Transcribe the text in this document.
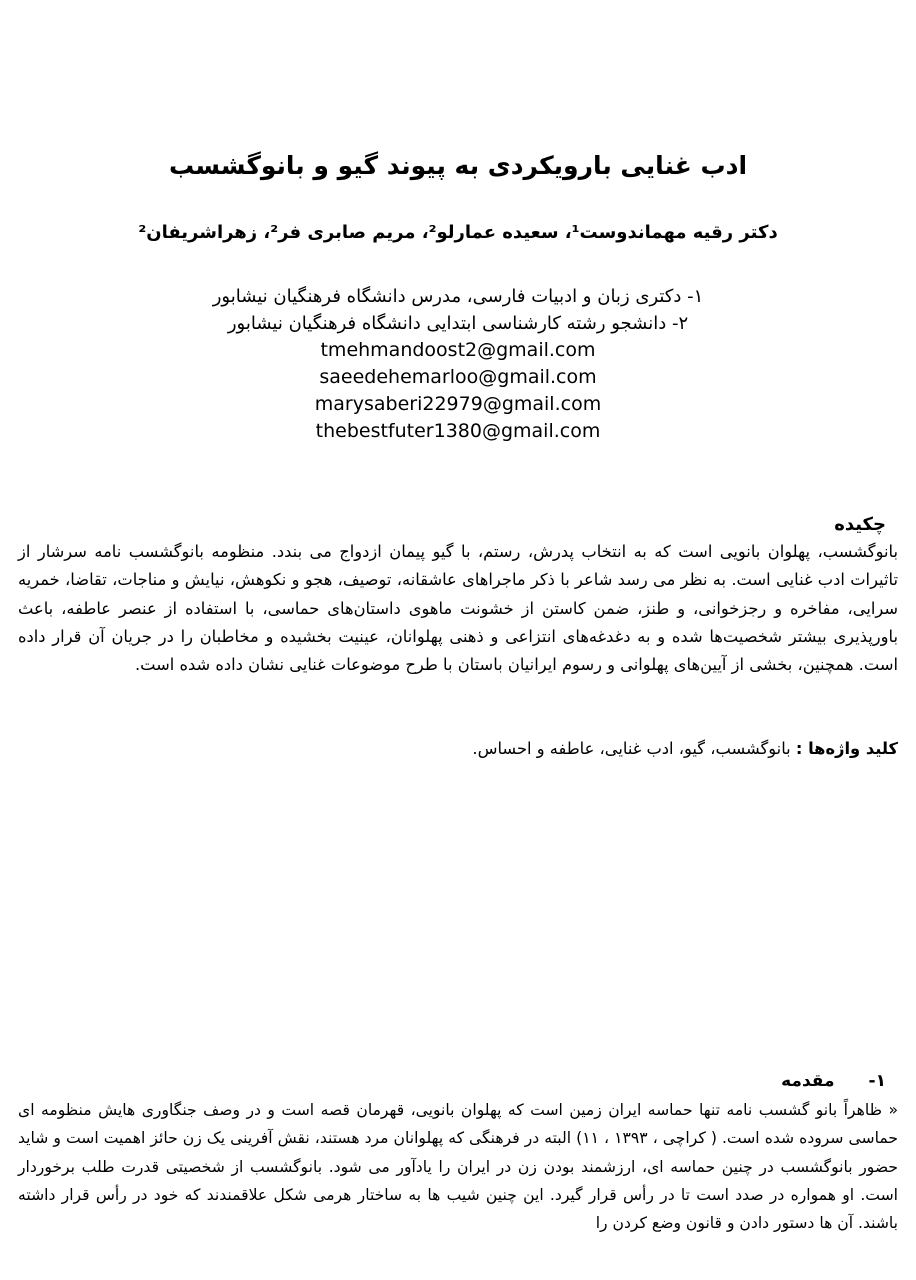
ادب غنایی بارویکردی به پیوند گیو و بانوگشسب
دکتر رقیه مهماندوست¹، سعیده عمارلو²، مریم صابری فر²، زهراشریفان²
۱- دکتری زبان و ادبیات فارسی، مدرس دانشگاه فرهنگیان نیشابور
۲- دانشجو رشته کارشناسی ابتدایی دانشگاه فرهنگیان نیشابور
tmehmandoost2@gmail.com
saeedehemarloo@gmail.com
marysaberi22979@gmail.com
thebestfuter1380@gmail.com
چکیده
بانوگشسب، پهلوان بانویی است که به انتخاب پدرش، رستم، با گیو پیمان ازدواج می بندد. منظومه بانوگشسب نامه سرشار از تاثیرات ادب غنایی است. به نظر می رسد شاعر با ذکر ماجراهای عاشقانه، توصیف، هجو و نکوهش، نیایش و مناجات، تقاضا، خمریه سرایی، مفاخره و رجزخوانی، و طنز، ضمن کاستن از خشونت ماهوی داستان‌های حماسی، با استفاده از عنصر عاطفه، باعث باورپذیری بیشتر شخصیت‌ها شده و به دغدغه‌های انتزاعی و ذهنی پهلوانان، عینیت بخشیده و مخاطبان را در جریان آن قرار داده است. همچنین، بخشی از آیین‌های پهلوانی و رسوم ایرانیان باستان با طرح موضوعات غنایی نشان داده شده است.
کلید واژه‌ها : بانوگشسب، گیو، ادب غنایی، عاطفه و احساس.
۱-مقدمه
« ظاهراً بانو گشسب نامه تنها حماسه ایران زمین است که پهلوان بانویی، قهرمان قصه است و در وصف جنگاوری هایش منظومه ای حماسی سروده شده است. ( کراچی ، ۱۳۹۳ ، ۱۱) البته در فرهنگی که پهلوانان مرد هستند، نقش آفرینی یک زن حائز اهمیت است و شاید حضور بانوگشسب در چنین حماسه ای، ارزشمند بودن زن در ایران را یادآور می شود. بانوگشسب از شخصیتی قدرت طلب برخوردار است. او همواره در صدد است تا در رأس قرار گیرد. این چنین شیب ها به ساختار هرمی شکل علاقمندند که خود در رأس قرار داشته باشند. آن ها دستور دادن و قانون وضع کردن را
